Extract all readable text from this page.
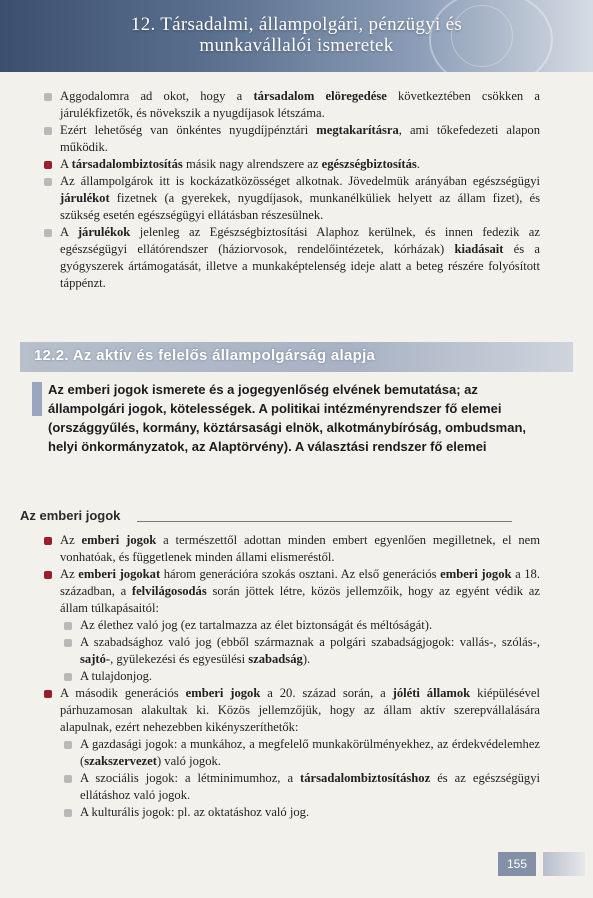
12. Társadalmi, állampolgári, pénzügyi és
munkavállalói ismeretek

Aggodalomra ad okot, hogy a társadalom elöregedése következtében csökken a járulékfizetők, és növekszik a nyugdíjasok létszáma.

Ezért lehetőség van önkéntes nyugdíjpénztári megtakarításra, ami tőkefedezeti alapon működik.

A társadalombiztosítás másik nagy alrendszere az egészségbiztosítás.

Az állampolgárok itt is kockázatközösséget alkotnak. Jövedelmük arányában egészségügyi járulékot fizetnek (a gyerekek, nyugdíjasok, munkanélküliek helyett az állam fizet), és szükség esetén egészségügyi ellátásban részesülnek.

A járulékok jelenleg az Egészségbiztosítási Alaphoz kerülnek, és innen fedezik az egészségügyi ellátórendszer (háziorvosok, rendelőintézetek, kórházak) kiadásait és a gyógyszerek ártámogatását, illetve a munkaképtelenség ideje alatt a beteg részére folyósított táppénzt.

12.2. Az aktív és felelős állampolgárság alapja
Az emberi jogok ismerete és a jogegyenlőség elvének bemutatása; az állampolgári jogok, kötelességek. A politikai intézményrendszer fő elemei (országgyűlés, kormány, köztársasági elnök, alkotmánybíróság, ombudsman, helyi önkormányzatok, az Alaptörvény). A választási rendszer fő elemei
Az emberi jogok

Az emberi jogok a természettől adottan minden embert egyenlően megilletnek, el nem vonhatóak, és függetlenek minden állami elismeréstől.

Az emberi jogokat három generációra szokás osztani. Az első generációs emberi jogok a 18. században, a felvilágosodás során jöttek létre, közös jellemzőik, hogy az egyént védik az állam túlkapásaitól:

Az élethez való jog (ez tartalmazza az élet biztonságát és méltóságát).

A szabadsághoz való jog (ebből származnak a polgári szabadságjogok: vallás-, szólás-, sajtó-, gyülekezési és egyesülési szabadság).

A tulajdonjog.

A második generációs emberi jogok a 20. század során, a jóléti államok kiépülésével párhuzamosan alakultak ki. Közös jellemzőjük, hogy az állam aktív szerepvállalására alapulnak, ezért nehezebben kikényszeríthetők:

A gazdasági jogok: a munkához, a megfelelő munkakörülményekhez, az érdekvédelemhez (szakszervezet) való jogok.

A szociális jogok: a létminimumhoz, a társadalombiztosításhoz és az egészségügyi ellátáshoz való jogok.

A kulturális jogok: pl. az oktatáshoz való jog.

155
